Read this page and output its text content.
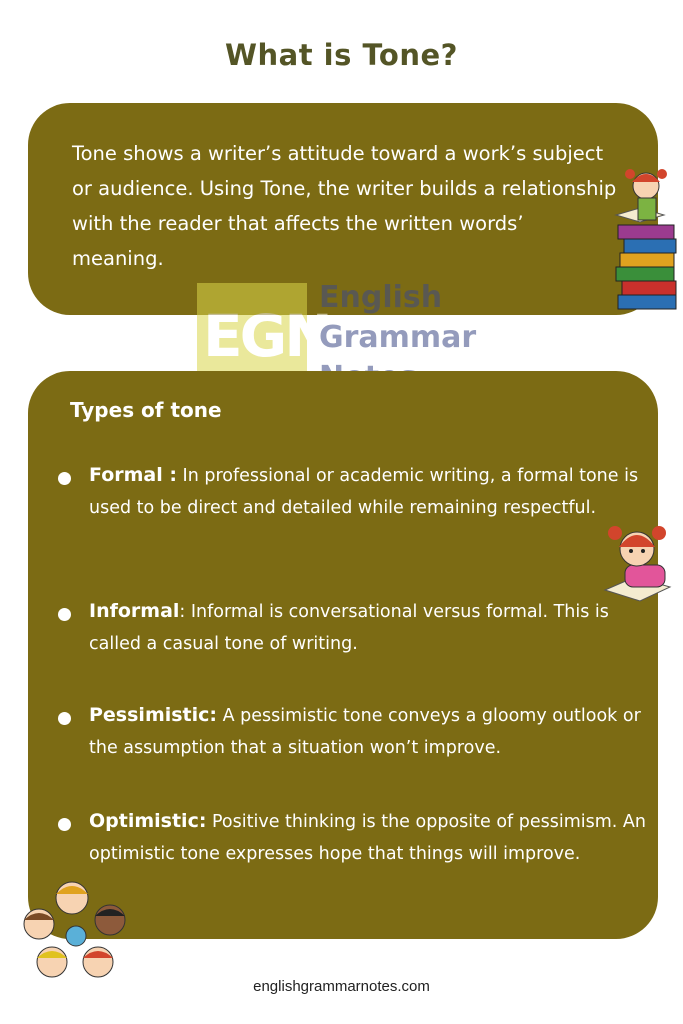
What is Tone?
Tone shows a writer’s attitude toward a work’s subject or audience. Using Tone, the writer builds a relationship with the reader that affects the written words’ meaning.
EGN
English
Grammar
Types of tone
Formal : In professional or academic writing, a formal tone is used to be direct and detailed while remaining respectful.
Informal: Informal is conversational versus formal. This is called a casual tone of writing.
Pessimistic: A pessimistic tone conveys a gloomy outlook or the assumption that a situation won’t improve.
Optimistic: Positive thinking is the opposite of pessimism. An optimistic tone expresses hope that things will improve.
englishgrammarnotes.com
